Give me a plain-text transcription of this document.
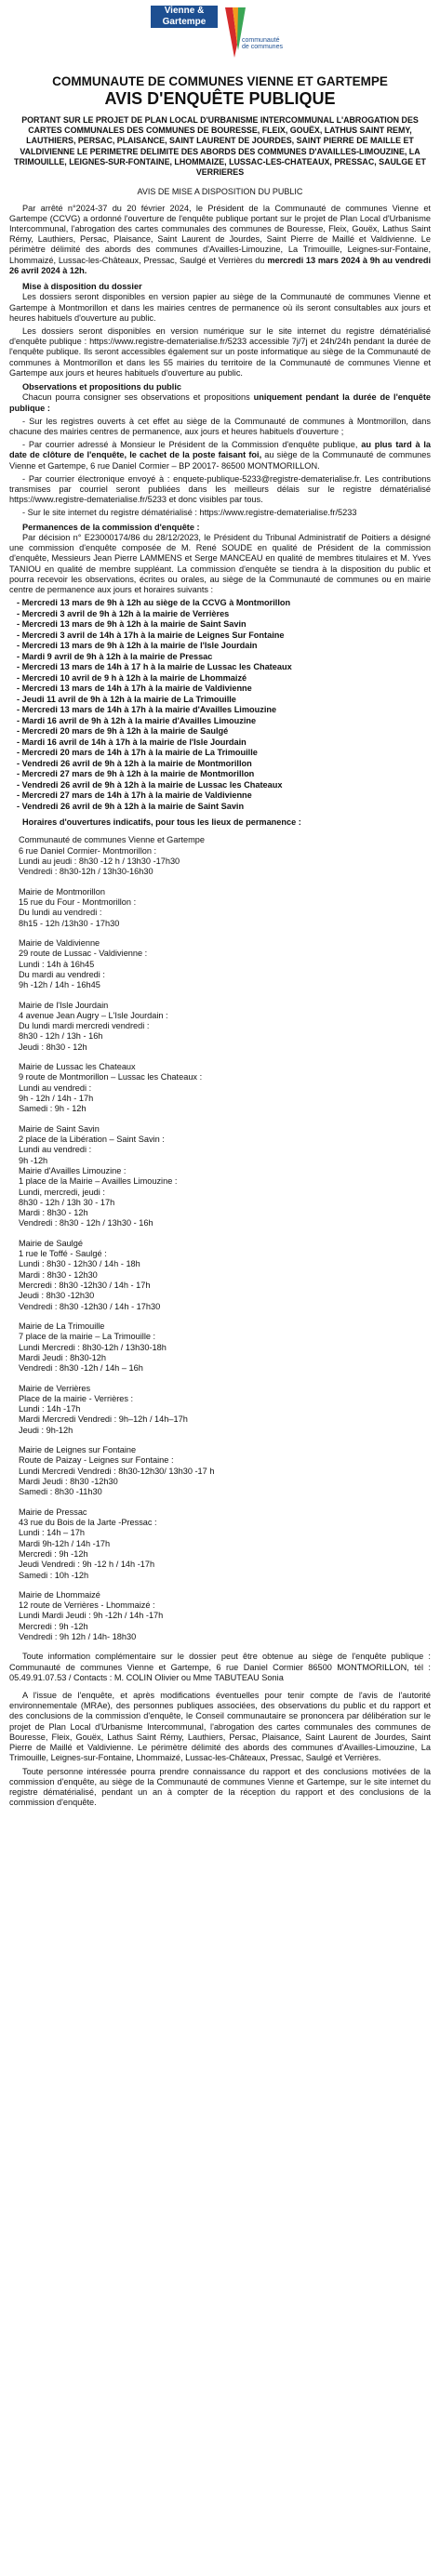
Vienne &
Gartempe
communauté
de communes
COMMUNAUTE DE COMMUNES VIENNE ET GARTEMPE
AVIS D'ENQUÊTE PUBLIQUE
PORTANT SUR LE PROJET DE PLAN LOCAL D'URBANISME INTERCOMMUNAL L'ABROGATION DES CARTES COMMUNALES DES COMMUNES DE BOURESSE, FLEIX, GOUËX, LATHUS SAINT REMY, LAUTHIERS, PERSAC, PLAISANCE, SAINT LAURENT DE JOURDES, SAINT PIERRE DE MAILLE ET VALDIVIENNE LE PERIMETRE DELIMITE DES ABORDS DES COMMUNES D'AVAILLES-LIMOUZINE, LA TRIMOUILLE, LEIGNES-SUR-FONTAINE, LHOMMAIZE, LUSSAC-LES-CHATEAUX, PRESSAC, SAULGE ET VERRIERES
AVIS DE MISE A DISPOSITION DU PUBLIC

Par arrêté n°2024-37 du 20 février 2024, le Président de la Communauté de communes Vienne et Gartempe (CCVG) a ordonné l'ouverture de l'enquête publique portant sur le projet de Plan Local d'Urbanisme Intercommunal, l'abrogation des cartes communales des communes de Bouresse, Fleix, Gouëx, Lathus Saint Rémy, Lauthiers, Persac, Plaisance, Saint Laurent de Jourdes, Saint Pierre de Maillé et Valdivienne. Le périmètre délimité des abords des communes d'Availles-Limouzine, La Trimouille, Leignes-sur-Fontaine, Lhommaizé, Lussac-les-Châteaux, Pressac, Saulgé et Verrières du mercredi 13 mars 2024 à 9h au vendredi 26 avril 2024 à 12h.

Mise à disposition du dossier

Les dossiers seront disponibles en version papier au siège de la Communauté de communes Vienne et Gartempe à Montmorillon et dans les mairies centres de permanence où ils seront consultables aux jours et heures habituels d'ouverture au public.

Les dossiers seront disponibles en version numérique sur le site internet du registre dématérialisé d'enquête publique : https://www.registre-dematerialise.fr/5233 accessible 7j/7j et 24h/24h pendant la durée de l'enquête publique. Ils seront accessibles également sur un poste informatique au siège de la Communauté de communes à Montmorillon et dans les 55 mairies du territoire de la Communauté de communes Vienne et Gartempe aux jours et heures habituels d'ouverture au public.

Observations et propositions du public

Chacun pourra consigner ses observations et propositions uniquement pendant la durée de l'enquête publique :

- Sur les registres ouverts à cet effet au siège de la Communauté de communes à Montmorillon, dans chacune des mairies centres de permanence, aux jours et heures habituels d'ouverture ;

- Par courrier adressé à Monsieur le Président de la Commission d'enquête publique, au plus tard à la date de clôture de l'enquête, le cachet de la poste faisant foi, au siège de la Communauté de communes Vienne et Gartempe, 6 rue Daniel Cormier – BP 20017- 86500 MONTMORILLON.

- Par courrier électronique envoyé à : enquete-publique-5233@registre-dematerialise.fr. Les contributions transmises par courriel seront publiées dans les meilleurs délais sur le registre dématérialisé https://www.registre-dematerialise.fr/5233 et donc visibles par tous.

- Sur le site internet du registre dématérialisé : https://www.registre-dematerialise.fr/5233

Permanences de la commission d'enquête :

Par décision n° E23000174/86 du 28/12/2023, le Président du Tribunal Administratif de Poitiers a désigné une commission d'enquête composée de M. René SOUDE en qualité de Président de la commission d'enquête, Messieurs Jean Pierre LAMMENS et Serge MANCEAU en qualité de membres titulaires et M. Yves TANIOU en qualité de membre suppléant. La commission d'enquête se tiendra à la disposition du public et pourra recevoir les observations, écrites ou orales, au siège de la Communauté de communes ou en mairie centre de permanence aux jours et horaires suivants :

- Mercredi 13 mars de 9h à 12h au siège de la CCVG à Montmorillon
- Mercredi 3 avril de 9h à 12h à la mairie de Verrières
- Mercredi 13 mars de 9h à 12h à la mairie de Saint Savin
- Mercredi 3 avril de 14h à 17h à la mairie de Leignes Sur Fontaine
- Mercredi 13 mars de 9h à 12h à la mairie de l'Isle Jourdain
- Mardi 9 avril de 9h à 12h à la mairie de Pressac
- Mercredi 13 mars de 14h à 17 h à la mairie de Lussac les Chateaux
- Mercredi 10 avril de 9 h à 12h à la mairie de Lhommaizé
- Mercredi 13 mars de 14h à 17h à la mairie de Valdivienne
- Jeudi 11 avril de 9h à 12h à la mairie de La Trimouille
- Mercredi 13 mars de 14h à 17h à la mairie d'Availles Limouzine
- Mardi 16 avril de 9h à 12h à la mairie d'Availles Limouzine
- Mercredi 20 mars de 9h à 12h à la mairie de Saulgé
- Mardi 16 avril de 14h à 17h à la mairie de l'Isle Jourdain
- Mercredi 20 mars de 14h à 17h à la mairie de La Trimouille
- Vendredi 26 avril de 9h à 12h à la mairie de Montmorillon
- Mercredi 27 mars de 9h à 12h à la mairie de Montmorillon
- Vendredi 26 avril de 9h à 12h à la mairie de Lussac les Chateaux
- Mercredi 27 mars de 14h à 17h à la mairie de Valdivienne
- Vendredi 26 avril de 9h à 12h à la mairie de Saint Savin
Horaires d'ouvertures indicatifs, pour tous les lieux de permanence :
Communauté de communes Vienne et Gartempe
6 rue Daniel Cormier- Montmorillon :
Lundi au jeudi : 8h30 -12 h / 13h30 -17h30
Vendredi : 8h30-12h / 13h30-16h30
Mairie de Montmorillon
15 rue du Four - Montmorillon :
Du lundi au vendredi :
8h15 - 12h /13h30 - 17h30
Mairie de Valdivienne
29 route de Lussac - Valdivienne :
Lundi : 14h à 16h45
Du mardi au vendredi :
9h -12h / 14h - 16h45
Mairie de l'Isle Jourdain
4 avenue Jean Augry – L'Isle Jourdain :
Du lundi mardi mercredi vendredi :
8h30 - 12h / 13h - 16h
Jeudi : 8h30 - 12h
Mairie de Lussac les Chateaux
9 route de Montmorillon – Lussac les Chateaux :
Lundi au vendredi :
9h - 12h / 14h - 17h
Samedi : 9h - 12h
Mairie de Saint Savin
2 place de la Libération – Saint Savin :
Lundi au vendredi :
9h -12h
Mairie d'Availles Limouzine :
1 place de la Mairie – Availles Limouzine :
Lundi, mercredi, jeudi :
8h30 - 12h / 13h 30 - 17h
Mardi : 8h30 - 12h
Vendredi : 8h30 - 12h / 13h30 - 16h
Mairie de Saulgé
1 rue le Toffé - Saulgé :
Lundi : 8h30 - 12h30 / 14h - 18h
Mardi : 8h30 - 12h30
Mercredi : 8h30 -12h30 / 14h - 17h
Jeudi : 8h30 -12h30
Vendredi : 8h30 -12h30 / 14h - 17h30
Mairie de La Trimouille
7 place de la mairie – La Trimouille :
Lundi Mercredi : 8h30-12h / 13h30-18h
Mardi Jeudi : 8h30-12h
Vendredi : 8h30 -12h / 14h – 16h
Mairie de Verrières
Place de la mairie - Verrières :
Lundi : 14h -17h
Mardi Mercredi Vendredi : 9h–12h / 14h–17h
Jeudi : 9h-12h
Mairie de Leignes sur Fontaine
Route de Paizay - Leignes sur Fontaine :
Lundi Mercredi Vendredi : 8h30-12h30/ 13h30 -17 h
Mardi Jeudi : 8h30 -12h30
Samedi : 8h30 -11h30
Mairie de Pressac
43 rue du Bois de la Jarte -Pressac :
Lundi : 14h – 17h
Mardi 9h-12h / 14h -17h
Mercredi : 9h -12h
Jeudi Vendredi : 9h -12 h / 14h -17h
Samedi : 10h -12h
Mairie de Lhommaizé
12 route de Verrières - Lhommaizé :
Lundi Mardi Jeudi : 9h -12h / 14h -17h
Mercredi : 9h -12h
Vendredi : 9h 12h / 14h- 18h30

Toute information complémentaire sur le dossier peut être obtenue au siège de l'enquête publique : Communauté de communes Vienne et Gartempe, 6 rue Daniel Cormier 86500 MONTMORILLON, tél : 05.49.91.07.53 / Contacts : M. COLIN Olivier ou Mme TABUTEAU Sonia

A l'issue de l'enquête, et après modifications éventuelles pour tenir compte de l'avis de l'autorité environnementale (MRAe), des personnes publiques associées, des observations du public et du rapport et des conclusions de la commission d'enquête, le Conseil communautaire se prononcera par délibération sur le projet de Plan Local d'Urbanisme Intercommunal, l'abrogation des cartes communales des communes de Bouresse, Fleix, Gouëx, Lathus Saint Rémy, Lauthiers, Persac, Plaisance, Saint Laurent de Jourdes, Saint Pierre de Maillé et Valdivienne. Le périmètre délimité des abords des communes d'Availles-Limouzine, La Trimouille, Leignes-sur-Fontaine, Lhommaizé, Lussac-les-Châteaux, Pressac, Saulgé et Verrières.

Toute personne intéressée pourra prendre connaissance du rapport et des conclusions motivées de la commission d'enquête, au siège de la Communauté de communes Vienne et Gartempe, sur le site internet du registre dématérialisé, pendant un an à compter de la réception du rapport et des conclusions de la commission d'enquête.
